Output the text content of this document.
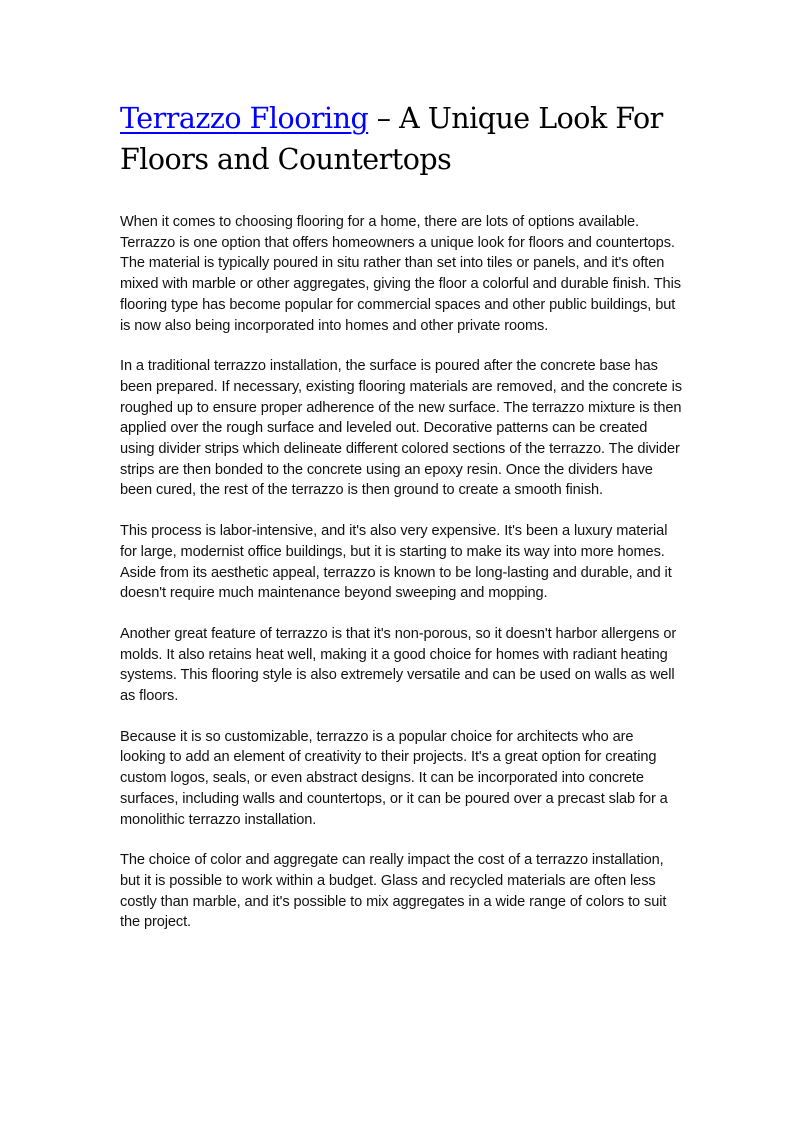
Terrazzo Flooring – A Unique Look For Floors and Countertops

When it comes to choosing flooring for a home, there are lots of options available. Terrazzo is one option that offers homeowners a unique look for floors and countertops. The material is typically poured in situ rather than set into tiles or panels, and it's often mixed with marble or other aggregates, giving the floor a colorful and durable finish. This flooring type has become popular for commercial spaces and other public buildings, but is now also being incorporated into homes and other private rooms.

In a traditional terrazzo installation, the surface is poured after the concrete base has been prepared. If necessary, existing flooring materials are removed, and the concrete is roughed up to ensure proper adherence of the new surface. The terrazzo mixture is then applied over the rough surface and leveled out. Decorative patterns can be created using divider strips which delineate different colored sections of the terrazzo. The divider strips are then bonded to the concrete using an epoxy resin. Once the dividers have been cured, the rest of the terrazzo is then ground to create a smooth finish.

This process is labor-intensive, and it's also very expensive. It's been a luxury material for large, modernist office buildings, but it is starting to make its way into more homes. Aside from its aesthetic appeal, terrazzo is known to be long-lasting and durable, and it doesn't require much maintenance beyond sweeping and mopping.

Another great feature of terrazzo is that it's non-porous, so it doesn't harbor allergens or molds. It also retains heat well, making it a good choice for homes with radiant heating systems. This flooring style is also extremely versatile and can be used on walls as well as floors.

Because it is so customizable, terrazzo is a popular choice for architects who are looking to add an element of creativity to their projects. It's a great option for creating custom logos, seals, or even abstract designs. It can be incorporated into concrete surfaces, including walls and countertops, or it can be poured over a precast slab for a monolithic terrazzo installation.

The choice of color and aggregate can really impact the cost of a terrazzo installation, but it is possible to work within a budget. Glass and recycled materials are often less costly than marble, and it's possible to mix aggregates in a wide range of colors to suit the project.
